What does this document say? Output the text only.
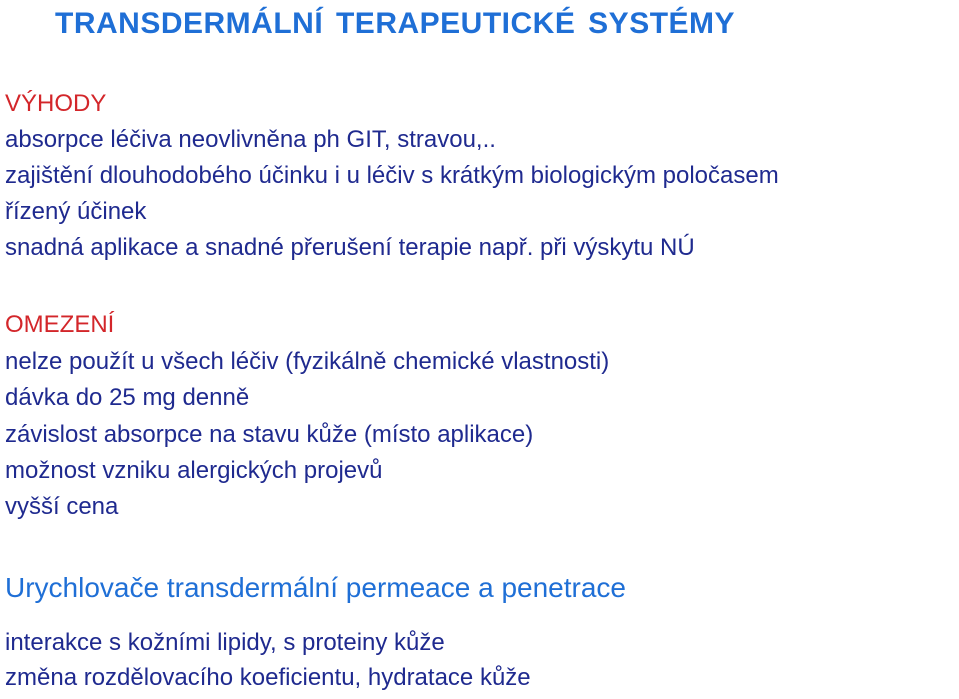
TRANSDERMÁLNÍ TERAPEUTICKÉ SYSTÉMY
VÝHODY
absorpce léčiva neovlivněna ph GIT, stravou,..
zajištění dlouhodobého účinku i u léčiv s krátkým biologickým poločasem
řízený účinek
snadná aplikace a snadné přerušení terapie např. při výskytu NÚ
OMEZENÍ
nelze použít u všech léčiv (fyzikálně chemické vlastnosti)
dávka do 25 mg denně
závislost absorpce na stavu kůže (místo aplikace)
možnost vzniku alergických projevů
vyšší cena
Urychlovače transdermální permeace a penetrace
interakce s kožními lipidy, s proteiny kůže
změna rozdělovacího koeficientu, hydratace kůže
